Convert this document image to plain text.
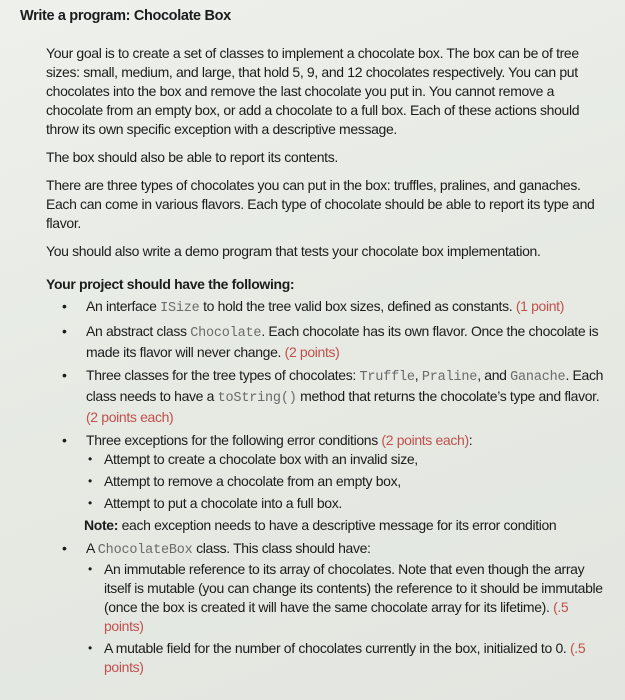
Write a program: Chocolate Box

Your goal is to create a set of classes to implement a chocolate box. The box can be of tree sizes: small, medium, and large, that hold 5, 9, and 12 chocolates respectively. You can put chocolates into the box and remove the last chocolate you put in. You cannot remove a chocolate from an empty box, or add a chocolate to a full box. Each of these actions should throw its own specific exception with a descriptive message.

The box should also be able to report its contents.

There are three types of chocolates you can put in the box: truffles, pralines, and ganaches. Each can come in various flavors. Each type of chocolate should be able to report its type and flavor.

You should also write a demo program that tests your chocolate box implementation.

Your project should have the following:
• An interface ISize to hold the tree valid box sizes, defined as constants. (1 point)
• An abstract class Chocolate. Each chocolate has its own flavor. Once the chocolate is made its flavor will never change. (2 points)
• Three classes for the tree types of chocolates: Truffle, Praline, and Ganache. Each class needs to have a toString() method that returns the chocolate’s type and flavor. (2 points each)
• Three exceptions for the following error conditions (2 points each):
• Attempt to create a chocolate box with an invalid size,
• Attempt to remove a chocolate from an empty box,
• Attempt to put a chocolate into a full box.
Note: each exception needs to have a descriptive message for its error condition
• A ChocolateBox class. This class should have:
• An immutable reference to its array of chocolates. Note that even though the array itself is mutable (you can change its contents) the reference to it should be immutable (once the box is created it will have the same chocolate array for its lifetime). (.5 points)
• A mutable field for the number of chocolates currently in the box, initialized to 0. (.5 points)
